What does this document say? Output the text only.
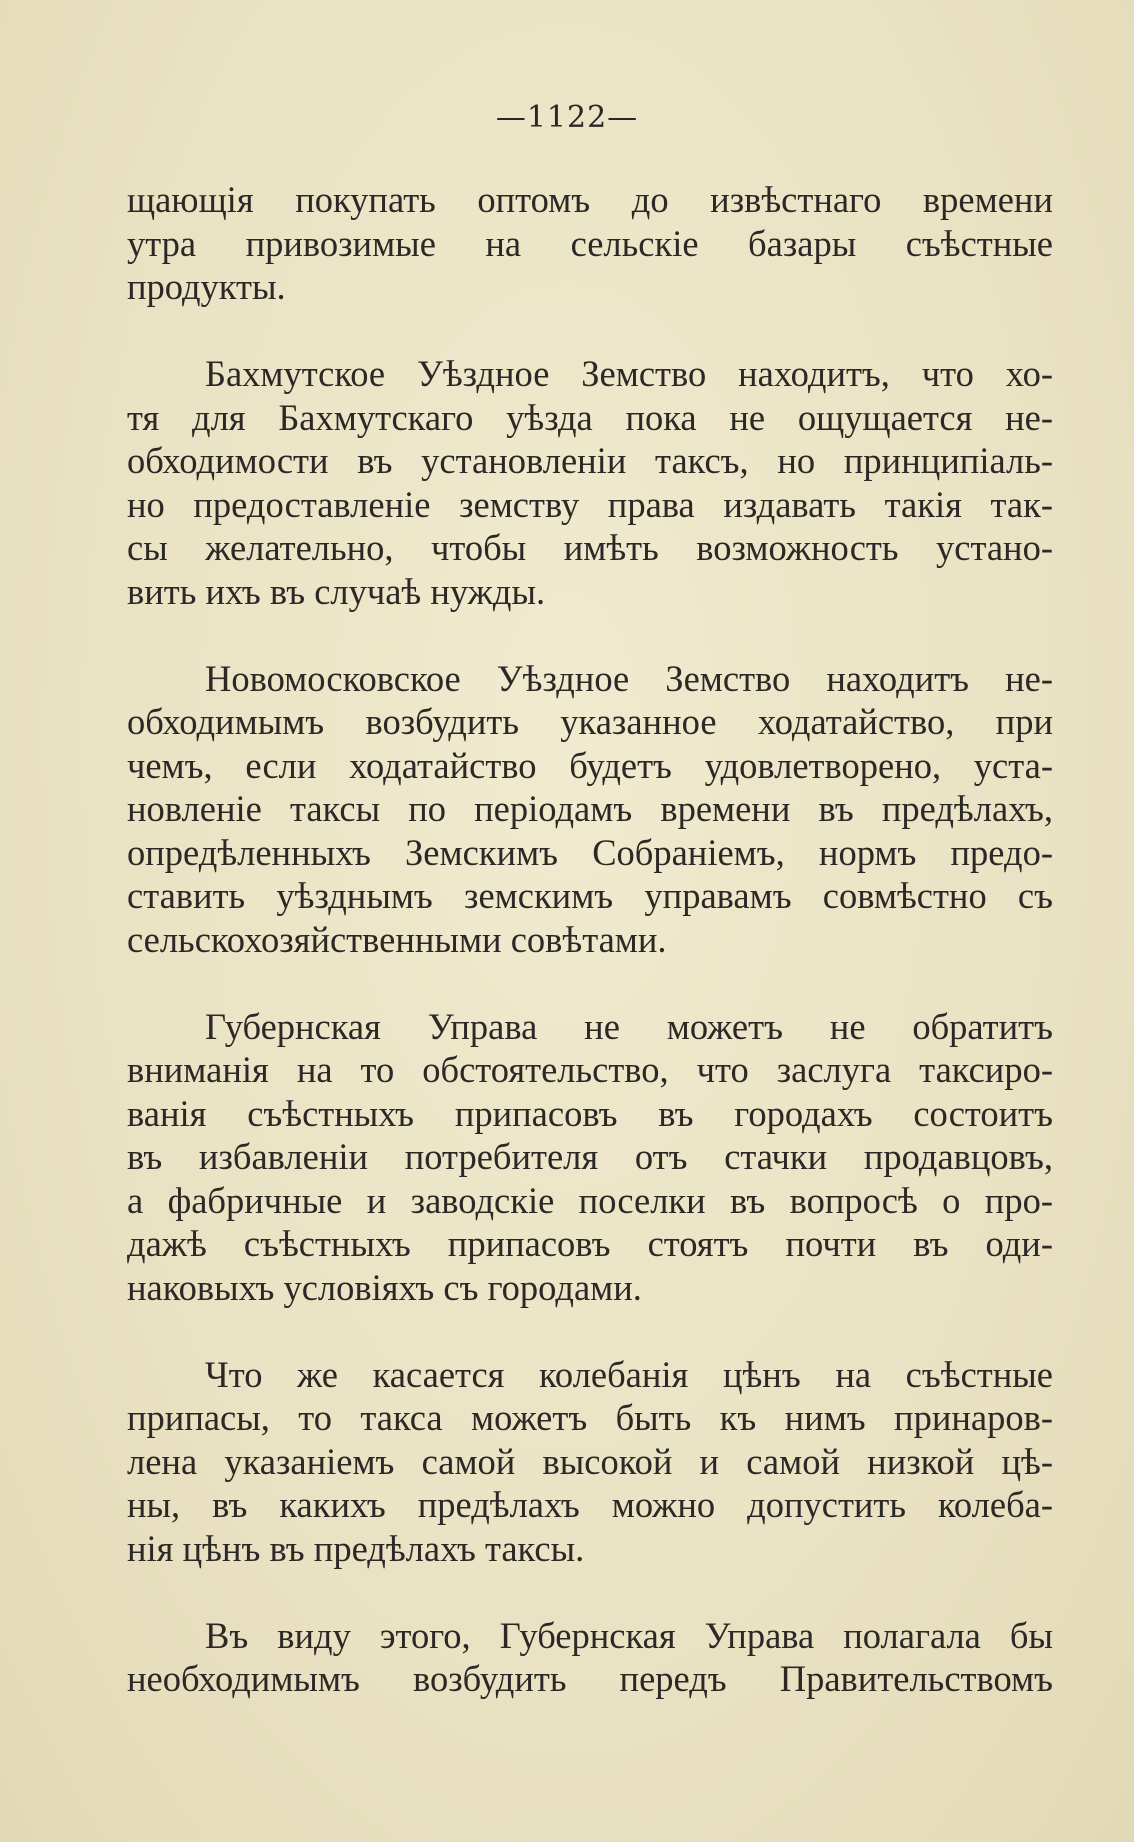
—1122—
щающія покупать оптомъ до извѣстнаго времени
утра привозимые на сельскіе базары съѣстные
продукты.
Бахмутское Уѣздное Земство находитъ, что хо-
тя для Бахмутскаго уѣзда пока не ощущается не-
обходимости въ установленіи таксъ, но принципіаль-
но предоставленіе земству права издавать такія так-
сы желательно, чтобы имѣть возможность устано-
вить ихъ въ случаѣ нужды.
Новомосковское Уѣздное Земство находитъ не-
обходимымъ возбудить указанное ходатайство, при
чемъ, если ходатайство будетъ удовлетворено, уста-
новленіе таксы по періодамъ времени въ предѣлахъ,
опредѣленныхъ Земскимъ Собраніемъ, нормъ предо-
ставить уѣзднымъ земскимъ управамъ совмѣстно съ
сельскохозяйственными совѣтами.
Губернская Управа не можетъ не обратитъ
вниманія на то обстоятельство, что заслуга таксиро-
ванія съѣстныхъ припасовъ въ городахъ состоитъ
въ избавленіи потребителя отъ стачки продавцовъ,
а фабричные и заводскіе поселки въ вопросѣ о про-
дажѣ съѣстныхъ припасовъ стоятъ почти въ оди-
наковыхъ условіяхъ съ городами.
Что же касается колебанія цѣнъ на съѣстные
припасы, то такса можетъ быть къ нимъ принаров-
лена указаніемъ самой высокой и самой низкой цѣ-
ны, въ какихъ предѣлахъ можно допустить колеба-
нія цѣнъ въ предѣлахъ таксы.
Въ виду этого, Губернская Управа полагала бы
необходимымъ возбудить передъ Правительствомъ
